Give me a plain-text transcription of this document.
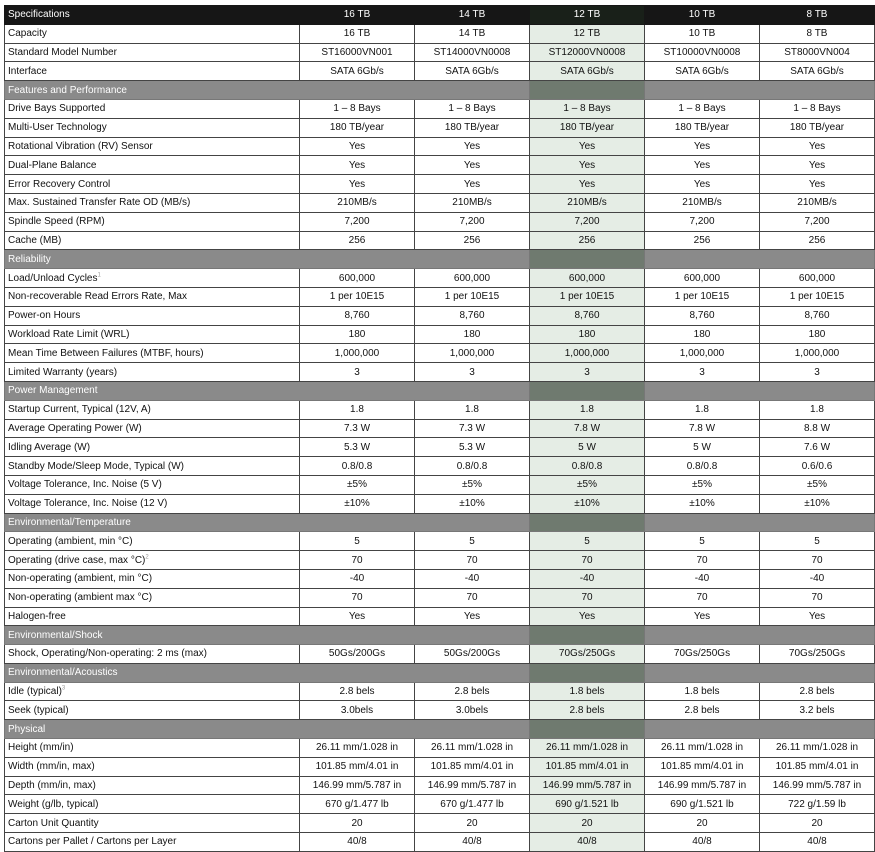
Specifications	16 TB	14 TB	12 TB	10 TB	8 TB
Capacity	16 TB	14 TB	12 TB	10 TB	8 TB
Standard Model Number	ST16000VN001	ST14000VN0008	ST12000VN0008	ST10000VN0008	ST8000VN004
Interface	SATA 6Gb/s	SATA 6Gb/s	SATA 6Gb/s	SATA 6Gb/s	SATA 6Gb/s
Features and Performance					
Drive Bays Supported	1 – 8 Bays	1 – 8 Bays	1 – 8 Bays	1 – 8 Bays	1 – 8 Bays
Multi-User Technology	180 TB/year	180 TB/year	180 TB/year	180 TB/year	180 TB/year
Rotational Vibration (RV) Sensor	Yes	Yes	Yes	Yes	Yes
Dual-Plane Balance	Yes	Yes	Yes	Yes	Yes
Error Recovery Control	Yes	Yes	Yes	Yes	Yes
Max. Sustained Transfer Rate OD (MB/s)	210MB/s	210MB/s	210MB/s	210MB/s	210MB/s
Spindle Speed (RPM)	7,200	7,200	7,200	7,200	7,200
Cache (MB)	256	256	256	256	256
Reliability					
Load/Unload Cycles$^1$	600,000	600,000	600,000	600,000	600,000
Non-recoverable Read Errors Rate, Max	1 per 10E15	1 per 10E15	1 per 10E15	1 per 10E15	1 per 10E15
Power-on Hours	8,760	8,760	8,760	8,760	8,760
Workload Rate Limit (WRL)	180	180	180	180	180
Mean Time Between Failures (MTBF, hours)	1,000,000	1,000,000	1,000,000	1,000,000	1,000,000
Limited Warranty (years)	3	3	3	3	3
Power Management					
Startup Current, Typical (12V, A)	1.8	1.8	1.8	1.8	1.8
Average Operating Power (W)	7.3 W	7.3 W	7.8 W	7.8 W	8.8 W
Idling Average (W)	5.3 W	5.3 W	5 W	5 W	7.6 W
Standby Mode/Sleep Mode, Typical (W)	0.8/0.8	0.8/0.8	0.8/0.8	0.8/0.8	0.6/0.6
Voltage Tolerance, Inc. Noise (5 V)	±5%	±5%	±5%	±5%	±5%
Voltage Tolerance, Inc. Noise (12 V)	±10%	±10%	±10%	±10%	±10%
Environmental/Temperature					
Operating (ambient, min °C)	5	5	5	5	5
Operating (drive case, max °C)$^2$	70	70	70	70	70
Non-operating (ambient, min °C)	-40	-40	-40	-40	-40
Non-operating (ambient max °C)	70	70	70	70	70
Halogen-free	Yes	Yes	Yes	Yes	Yes
Environmental/Shock					
Shock, Operating/Non-operating: 2 ms (max)	50Gs/200Gs	50Gs/200Gs	70Gs/250Gs	70Gs/250Gs	70Gs/250Gs
Environmental/Acoustics					
Idle (typical)$^3$	2.8 bels	2.8 bels	1.8 bels	1.8 bels	2.8 bels
Seek (typical)	3.0bels	3.0bels	2.8 bels	2.8 bels	3.2 bels
Physical					
Height (mm/in)	26.11 mm/1.028 in	26.11 mm/1.028 in	26.11 mm/1.028 in	26.11 mm/1.028 in	26.11 mm/1.028 in
Width (mm/in, max)	101.85 mm/4.01 in	101.85 mm/4.01 in	101.85 mm/4.01 in	101.85 mm/4.01 in	101.85 mm/4.01 in
Depth (mm/in, max)	146.99 mm/5.787 in	146.99 mm/5.787 in	146.99 mm/5.787 in	146.99 mm/5.787 in	146.99 mm/5.787 in
Weight (g/lb, typical)	670 g/1.477 lb	670 g/1.477 lb	690 g/1.521 lb	690 g/1.521 lb	722 g/1.59 lb
Carton Unit Quantity	20	20	20	20	20
Cartons per Pallet / Cartons per Layer	40/8	40/8	40/8	40/8	40/8
